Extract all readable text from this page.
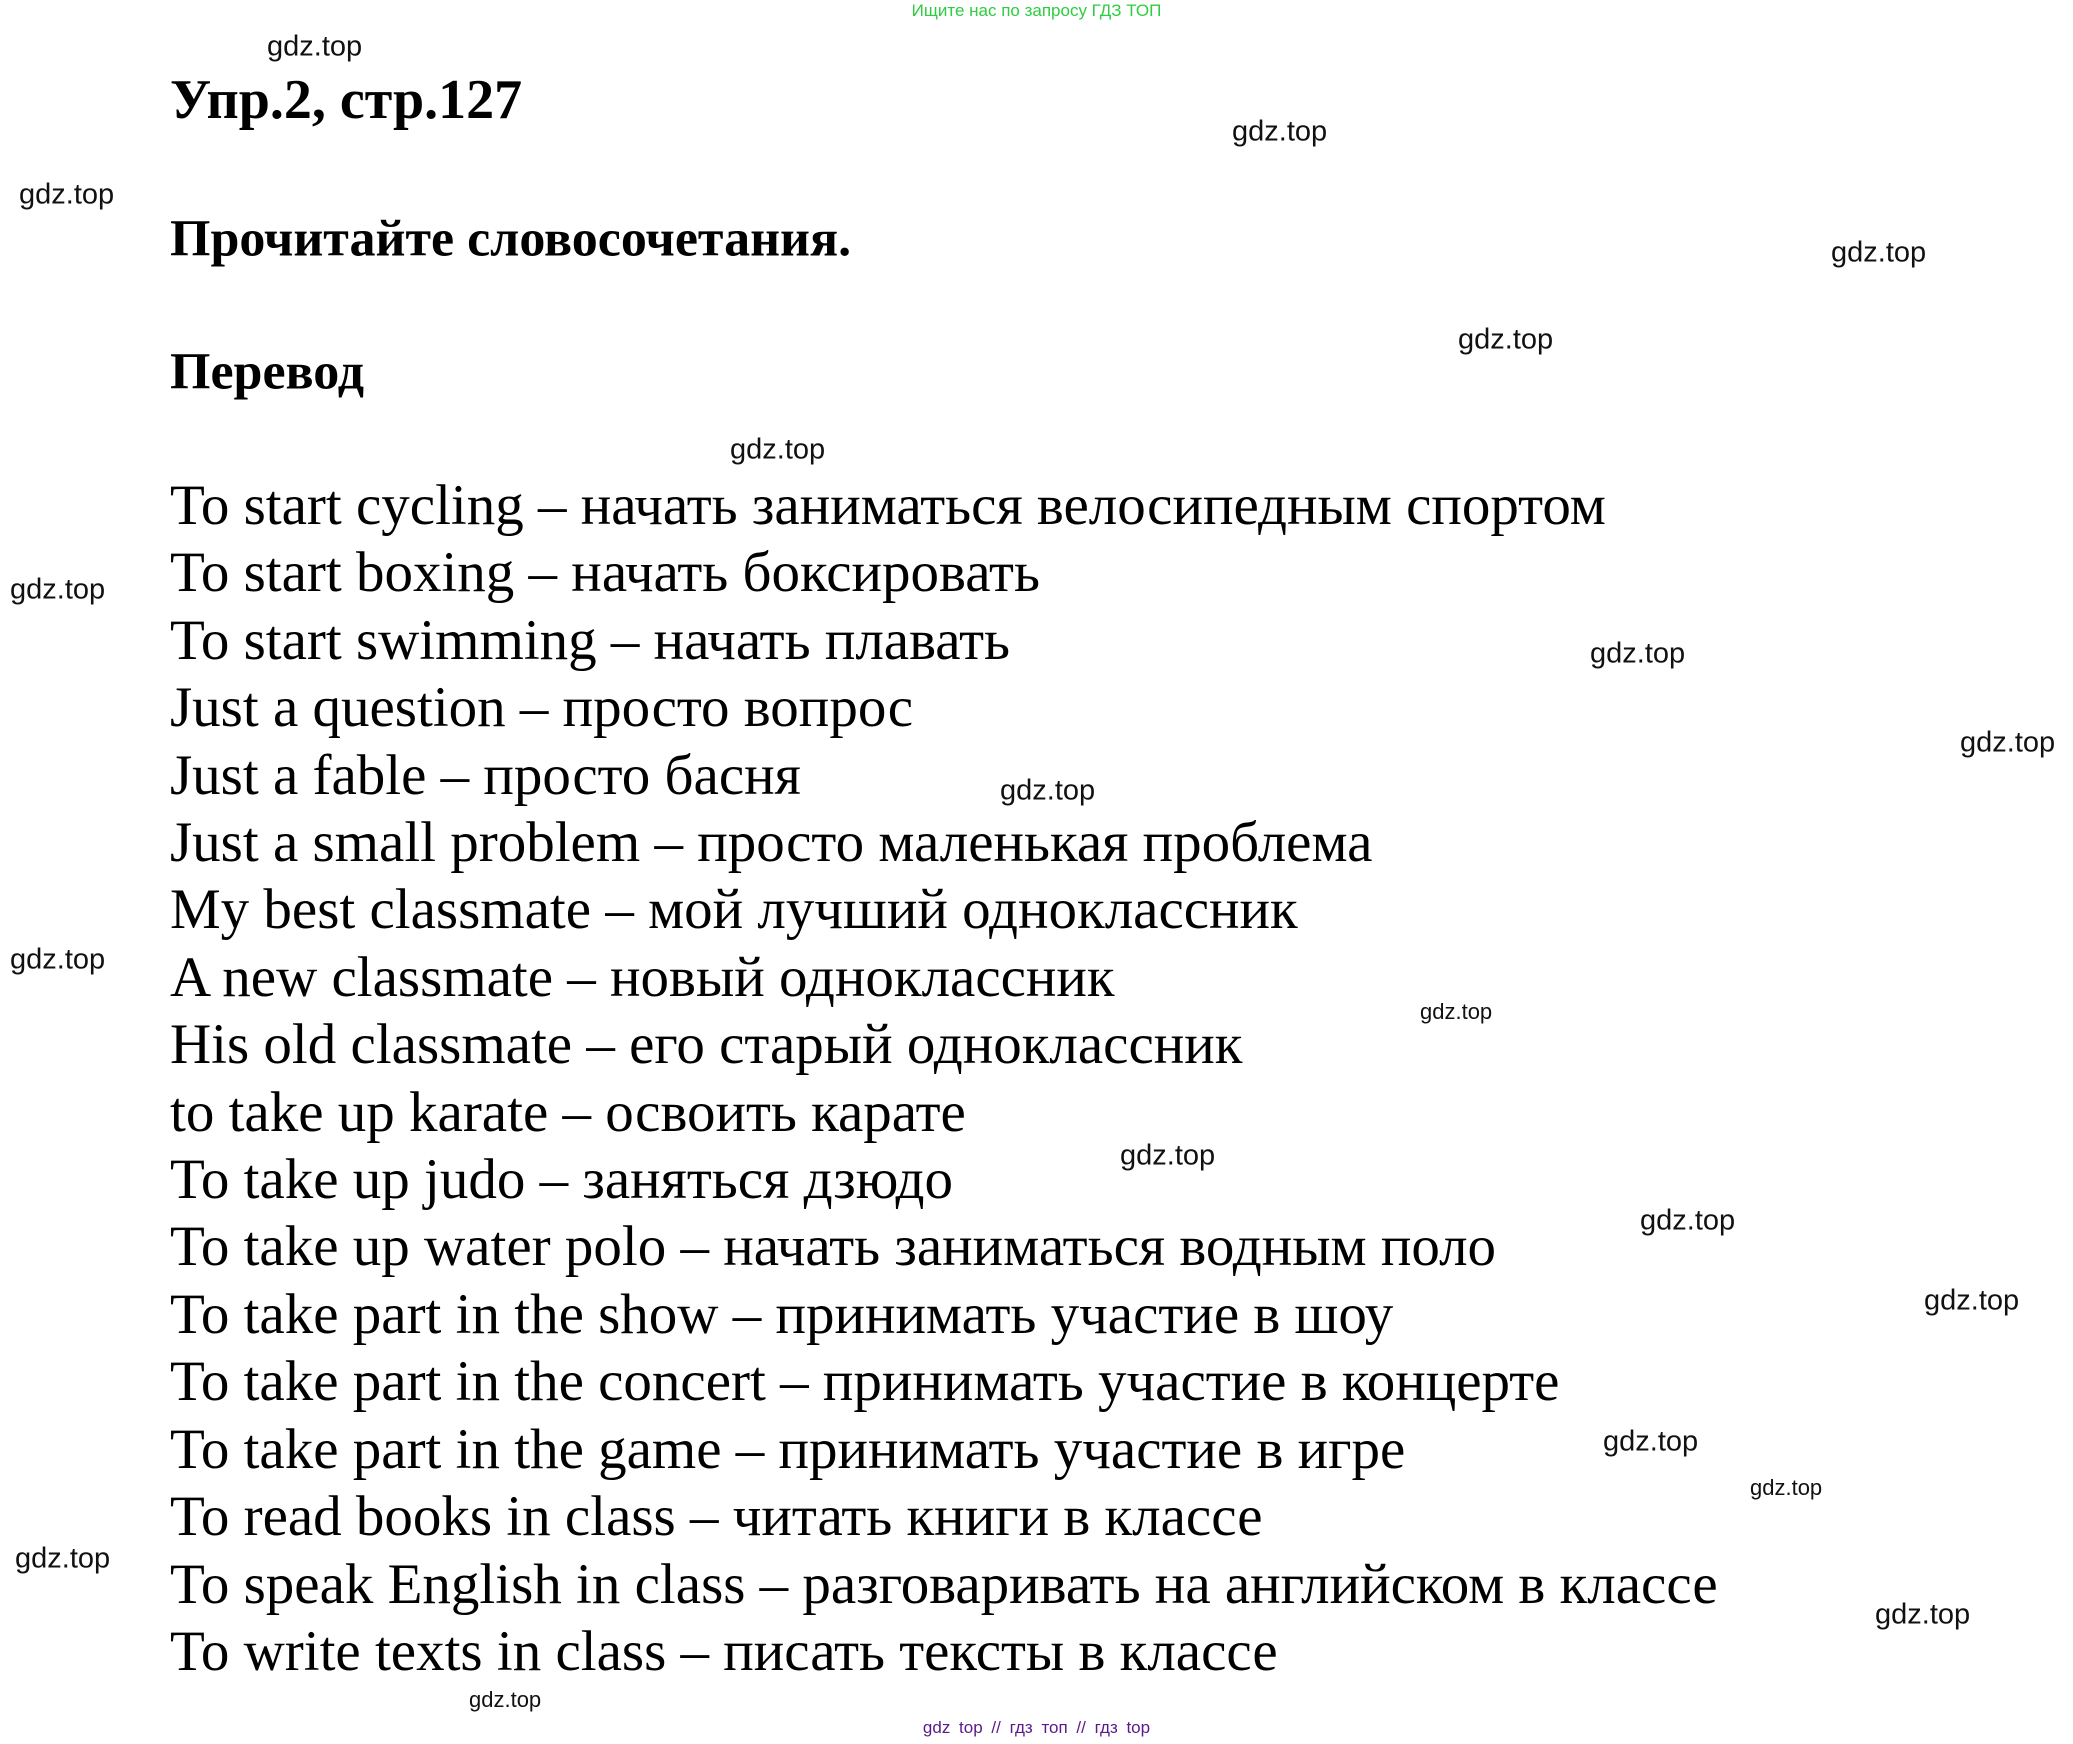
Ищите нас по запросу ГДЗ ТОП
Упр.2, стр.127
Прочитайте словосочетания.
Перевод
To start cycling – начать заниматься велосипедным спортом
To start boxing – начать боксировать
To start swimming – начать плавать
Just a question – просто вопрос
Just a fable – просто басня
Just a small problem – просто маленькая проблема
My best classmate – мой лучший одноклассник
A new classmate – новый одноклассник
His old classmate – его старый одноклассник
to take up karate – освоить карате
To take up judo – заняться дзюдо
To take up water polo – начать заниматься водным поло
To take part in the show – принимать участие в шоу
To take part in the concert – принимать участие в концерте
To take part in the game – принимать участие в игре
To read books in class – читать книги в классе
To speak English in class – разговаривать на английском в классе
To write texts in class – писать тексты в классе
gdz.top
gdz.top
gdz.top
gdz.top
gdz.top
gdz.top
gdz.top
gdz.top
gdz.top
gdz.top
gdz.top
gdz.top
gdz.top
gdz.top
gdz.top
gdz.top
gdz.top
gdz.top
gdz.top
gdz.top
gdz top // гдз топ // гдз top
